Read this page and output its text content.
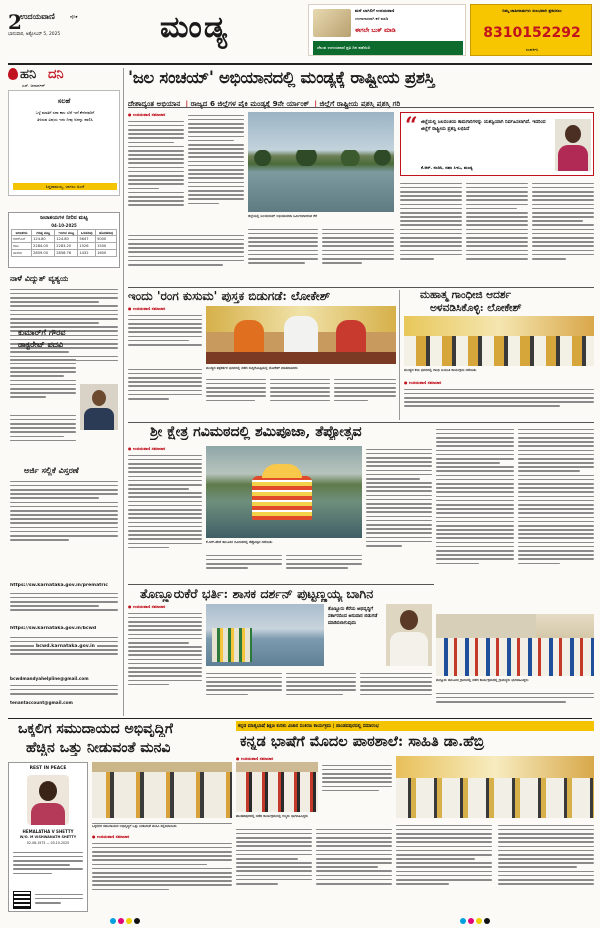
2
ಉದಯವಾಣಿ	ದೈನಿಕ
ಭಾನುವಾರ, ಅಕ್ಟೋಬರ್ 5, 2025	ಮಂಡ್ಯ	ಮನೆ ಬಾಗಿಲಿಗೆ ಉದಯವಾಣಿ
ಚಂದಾದಾರರಾಗಿ ಕರೆ ಮಾಡಿ
ಈಗಲೇ ಬುಕ್ ಮಾಡಿ
ಚೆಲುವ ಉದಯವಾಣಿ ಪ್ರತಿ ದಿನ ಪಡೆಯಿರಿ
ನಿಮ್ಮ ಜಾಹೀರಾತುಗಳು ಸುಲಭವಾಗಿ ಪ್ರಕಟಿಸಲು
8310152292
ಸಂಪರ್ಕಿಸಿ
ಹನಿ ದನಿ
ಎಸ್. ಜನಾರ್ದನ್
ಸಲಹೆ
ಒಳ್ಳೆ ಮಾತಿಗೆ ಸದಾ ಕಾಲ ಬೆಲೆ ಇದೆ ಕೇಳಿದವರಿಗೆ ತಿಳಿಸುವ ವಿಷಯ ಇದು ನೀವು ಅದನ್ನು ಪಾಲಿಸಿ
ಸಿದ್ದರಾಮಯ್ಯ, ಬಾಗಲು ಹಿಂದೆ
ಜಲಾಶಯಗಳ ನೀರಿನ ಮಟ್ಟ
04-10-2025
ಜಲಾಶಯ	ಗರಿಷ್ಠ ಮಟ್ಟ	ಇಂದಿನ ಮಟ್ಟ	ಒಳಹರಿವು	ಹೊರಹರಿವು
ಕೆಆರ್‌ಎಸ್	124.80	124.80	5647	5000
ಕಬಿನಿ	2284.00	2283.20	1526	1500
ಹಾರಂಗಿ	2859.00	2858.76	1432	1600
ನಾಳೆ ವಿದ್ಯುತ್ ವ್ಯತ್ಯಯ
ಕುಮಾರ್‌ಗೆ ಗೌರವ
ಡಾಕ್ಟರೇಟ್ ಪದವಿ
ಅರ್ಜಿ ಸಲ್ಲಿಕೆ ವಿಸ್ತರಣೆ
https://sw.karnataka.gov.in/prematric
https://sw.karnataka.gov.in/bcwd
bcwd.karnataka.gov.in
bcwdmandyahelpline@gmail.com
tenantaccount@gmail.com
'ಜಲ ಸಂಚಯ್' ಅಭಿಯಾನದಲ್ಲಿ ಮಂಡ್ಯಕ್ಕೆ ರಾಷ್ಟ್ರೀಯ ಪ್ರಶಸ್ತಿ
ದೇಶಾದ್ಯಂತ ಅಭಿಯಾನ | ರಾಜ್ಯದ 6 ಜಿಲ್ಲೆಗಳ ಪೈಕಿ ಮಂಡ್ಯಕ್ಕೆ 9ನೇ ರ್ಯಾಂಕ್ | ಜಿಲ್ಲೆಗೆ ರಾಷ್ಟ್ರೀಯ ಪ್ರಶಸ್ತಿ ಪ್ರಶಸ್ತಿ ಗರಿ
● ಉದಯವಾಣಿ ಸಮಾಚಾರ
ಜಿಲ್ಲೆಯಲ್ಲಿ ಜಲಸಂಚಯ್ ಅಭಿಯಾನದಡಿ ನಿರ್ಮಿಸಲಾಗಿರುವ ಕೆರೆ
“ ಜಿಲ್ಲೆಯಲ್ಲಿ ಜಲಸಂಚಯ ಕಾಮಗಾರಿಗಳನ್ನು ಯಶಸ್ವಿಯಾಗಿ ನಿರ್ವಹಿಸಲಾಗಿದೆ. ಇದರಿಂದ ಜಿಲ್ಲೆಗೆ ರಾಷ್ಟ್ರೀಯ ಪ್ರಶಸ್ತಿ ಲಭಿಸಿದೆ
ಕೆ.ಆರ್. ನಂದಿನಿ, ಜಿಪಂ ಸಿಇಒ, ಮಂಡ್ಯ
ಇಂದು 'ರಂಗ ಕುಸುಮ' ಪುಸ್ತಕ ಬಿಡುಗಡೆ: ಲೋಕೇಶ್
● ಉದಯವಾಣಿ ಸಮಾಚಾರ
ಮಂಡ್ಯದ ಪತ್ರಕರ್ತರ ಭವನದಲ್ಲಿ ನಡೆದ ಸುದ್ದಿಗೋಷ್ಠಿಯಲ್ಲಿ ಲೋಕೇಶ್ ಮಾತನಾಡಿದರು
ಮಹಾತ್ಮ ಗಾಂಧೀಜಿ ಆದರ್ಶ
ಅಳವಡಿಸಿಕೊಳ್ಳಿ: ಲೋಕೇಶ್
ಮಂಡ್ಯದ ಕಲಾ ಭವನದಲ್ಲಿ ಗಾಂಧಿ ಜಯಂತಿ ಕಾರ್ಯಕ್ರಮ ನಡೆಯಿತು
● ಉದಯವಾಣಿ ಸಮಾಚಾರ
ಶ್ರೀ ಕ್ಷೇತ್ರ ಗವಿಮಠದಲ್ಲಿ ಶಮಿಪೂಜಾ, ತೆಪ್ಪೋತ್ಸವ
● ಉದಯವಾಣಿ ಸಮಾಚಾರ
ಕೆ.ಆರ್.ಪೇಟೆ ತಾಲೂಕಿನ ಗವಿಮಠದಲ್ಲಿ ತೆಪ್ಪೋತ್ಸವ ನಡೆಯಿತು
ತೊಣ್ಣೂರುಕೆರೆ ಭರ್ತಿ: ಶಾಸಕ ದರ್ಶನ್ ಪುಟ್ಟಣ್ಣಯ್ಯ ಬಾಗಿನ
● ಉದಯವಾಣಿ ಸಮಾಚಾರ
ತೊಣ್ಣೂರು ಕೆರೆಯ ಅಭಿವೃದ್ಧಿಗೆ ಸರ್ಕಾರದಿಂದ ಅನುದಾನ ಬಿಡುಗಡೆ ಮಾಡಿಸಲಾಗುವುದು
ಮದ್ದೂರು ತಾಲೂಕಿನ ಗ್ರಾಮದಲ್ಲಿ ನಡೆದ ಕಾರ್ಯಕ್ರಮದಲ್ಲಿ ಗ್ರಾಮಸ್ಥರು ಭಾಗವಹಿಸಿದ್ದರು
ಒಕ್ಕಲಿಗ ಸಮುದಾಯದ ಅಭಿವೃದ್ಧಿಗೆ
ಹೆಚ್ಚಿನ ಒತ್ತು ನೀಡುವಂತೆ ಮನವಿ
REST IN PEACE
HEMALATHA V SHETTY
W/O. M VISHWANATH SHETTY
02-08-1975 — 03-10-2025
ಒಕ್ಕಲಿಗರ ಸಮುದಾಯದ ಅಭಿವೃದ್ಧಿಗೆ ಒತ್ತು ನೀಡುವಂತೆ ಮನವಿ ಸಲ್ಲಿಸಲಾಯಿತು
● ಉದಯವಾಣಿ ಸಮಾಚಾರ
ಕನ್ನಡ ಮಾತೃಭಾಷೆ ಶಿಕ್ಷಣ ಕುರಿತು ವಿಚಾರ ಸಂಕಿರಣ ಕಾರ್ಯಕ್ರಮ | ಪಾಂಡವಪುರದಲ್ಲಿ ಸಮಾರಂಭ
ಕನ್ನಡ ಭಾಷೆಗೆ ಮೊದಲ ಪಾಠಶಾಲೆ: ಸಾಹಿತಿ ಡಾ.ಹೆಬ್ರಿ
● ಉದಯವಾಣಿ ಸಮಾಚಾರ
ಪಾಂಡವಪುರದಲ್ಲಿ ನಡೆದ ಕಾರ್ಯಕ್ರಮದಲ್ಲಿ ಗಣ್ಯರು ಭಾಗವಹಿಸಿದ್ದರು
